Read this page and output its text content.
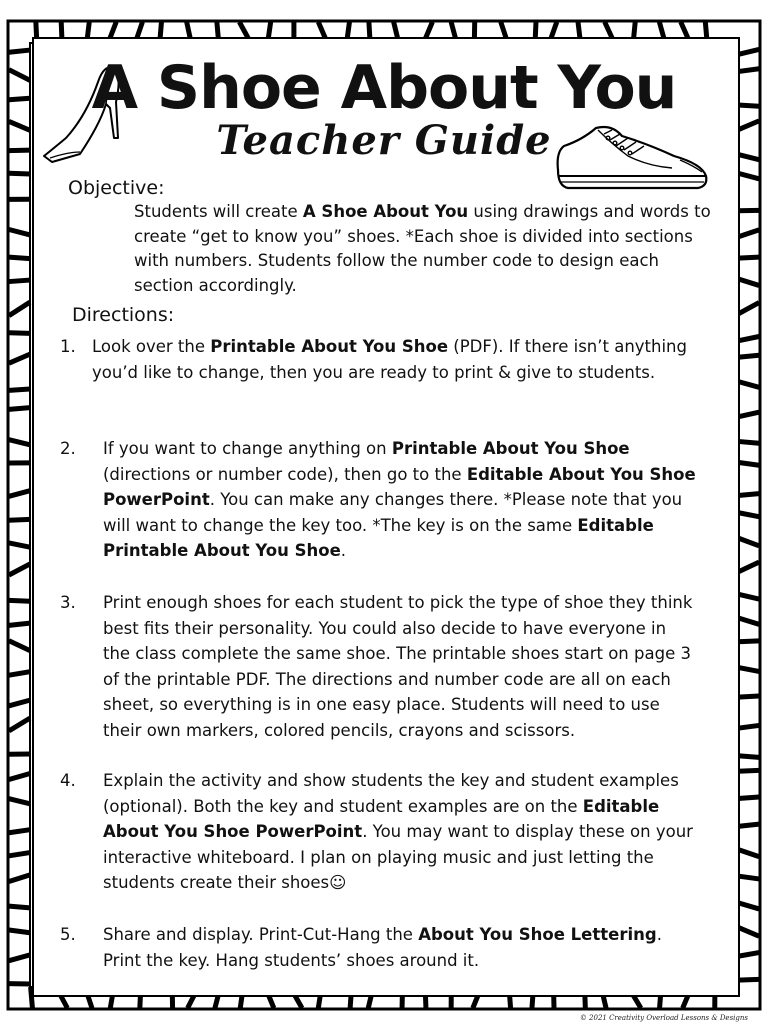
A Shoe About You
Teacher Guide
Objective:

Students will create A Shoe About You using drawings and words to create “get to know you” shoes. *Each shoe is divided into sections with numbers. Students follow the number code to design each section accordingly.

Directions:
1. Look over the Printable About You Shoe (PDF). If there isn’t anything you’d like to change, then you are ready to print & give to students.
2. If you want to change anything on Printable About You Shoe (directions or number code), then go to the Editable About You Shoe PowerPoint. You can make any changes there. *Please note that you will want to change the key too. *The key is on the same Editable Printable About You Shoe.
3. Print enough shoes for each student to pick the type of shoe they think best fits their personality. You could also decide to have everyone in the class complete the same shoe. The printable shoes start on page 3 of the printable PDF. The directions and number code are all on each sheet, so everything is in one easy place. Students will need to use their own markers, colored pencils, crayons and scissors.
4. Explain the activity and show students the key and student examples (optional). Both the key and student examples are on the Editable About You Shoe PowerPoint. You may want to display these on your interactive whiteboard. I plan on playing music and just letting the students create their shoes☺
5. Share and display. Print-Cut-Hang the About You Shoe Lettering. Print the key. Hang students’ shoes around it.
© 2021 Creativity Overload Lessons & Designs
